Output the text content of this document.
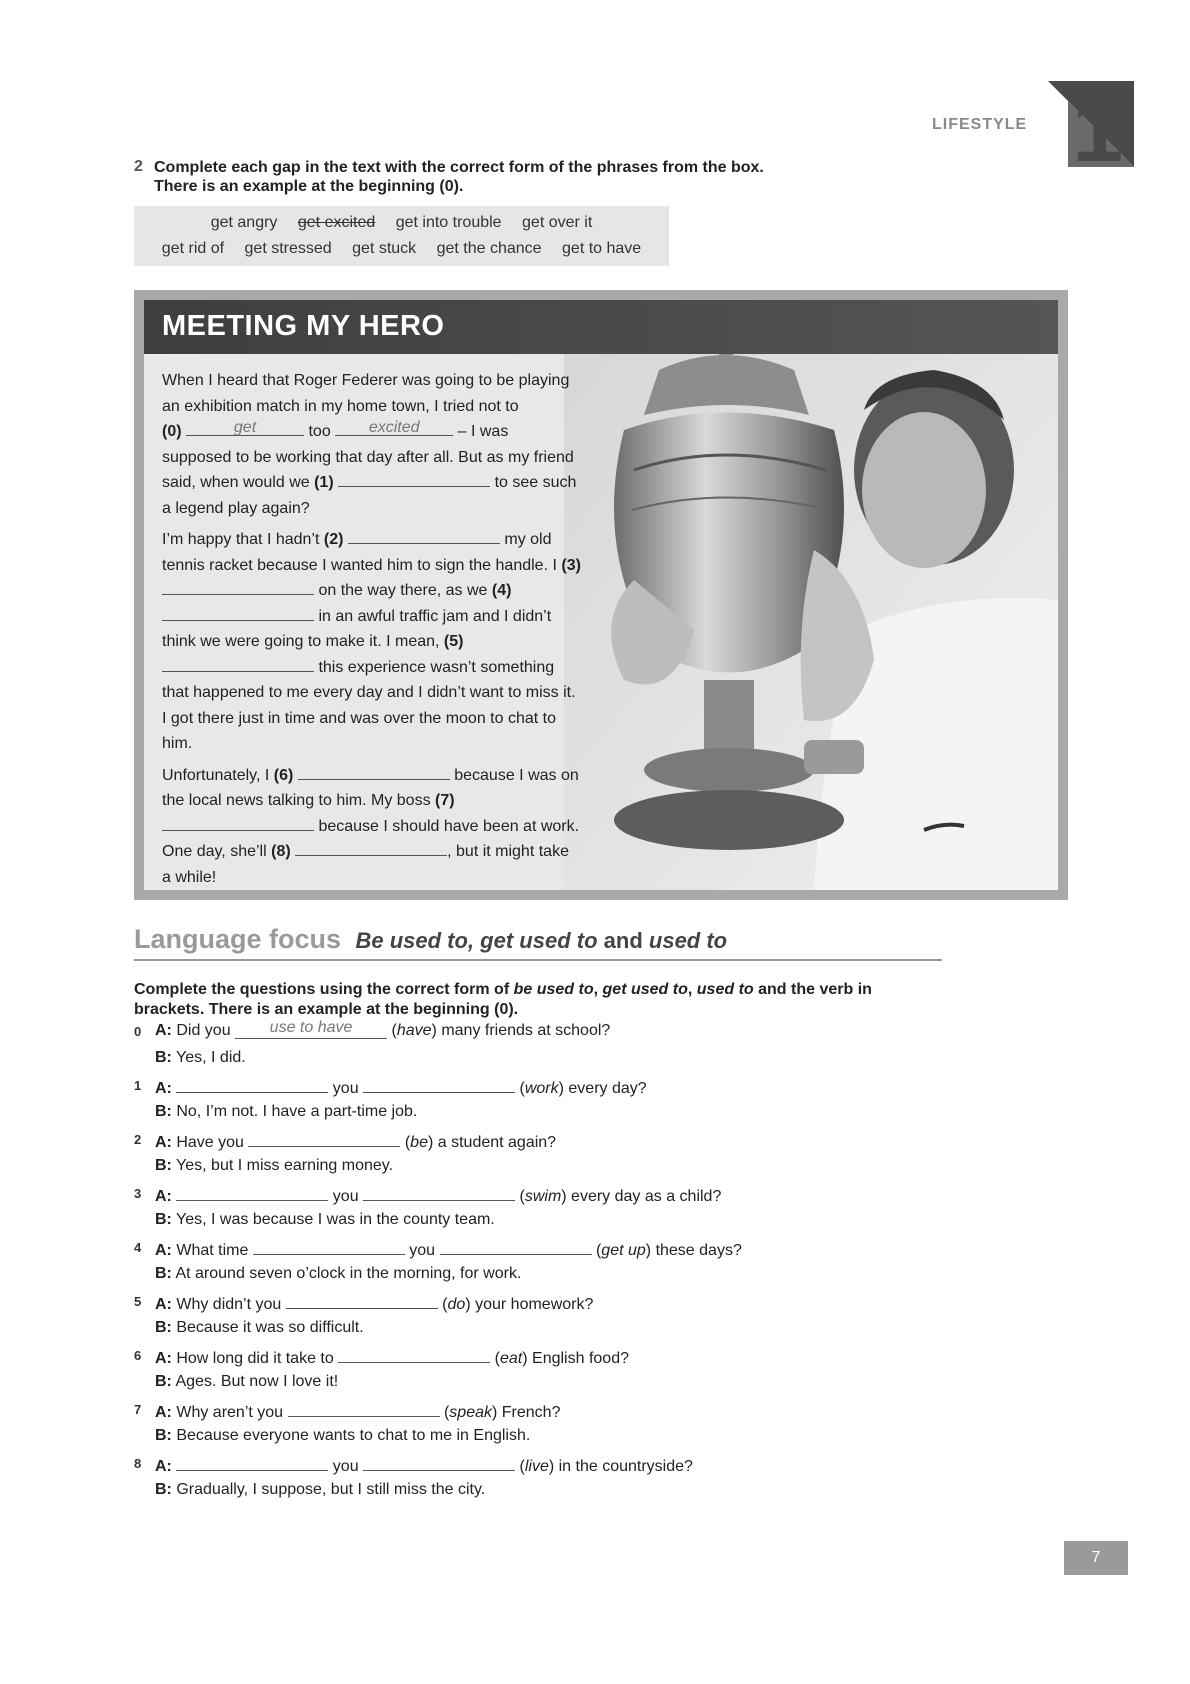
LIFESTYLE 1
2 Complete each gap in the text with the correct form of the phrases from the box.
There is an example at the beginning (0).
get angry get excited get into trouble get over it
get rid of get stressed get stuck get the chance get to have
MEETING MY HERO

When I heard that Roger Federer was going to be playing an exhibition match in my home town, I tried not to
(0)	get	too excited – I was supposed to be working that day after all. But as my friend said, when would we (1)	to see such a legend play again?

I’m happy that I hadn’t (2)	my old tennis racket because I wanted him to sign the handle. I (3)  on the way there, as we (4)  in an awful traffic jam and I didn’t think we were going to make it. I mean, (5)  this experience wasn’t something that happened to me every day and I didn’t want to miss it. I got there just in time and was over the moon to chat to him.

Unfortunately, I (6)	because I was on the local news talking to him. My boss (7)  because I should have been at work. One day, she’ll (8)	, but it might take a while!

Language focus Be used to, get used to and used to
Complete the questions using the correct form of be used to, get used to, used to and the verb in brackets. There is an example at the beginning (0).
0 A: Did you use to have (have) many friends at school?
B: Yes, I did.
1 A:	you	(work) every day?
B: No, I’m not. I have a part-time job.
2 A: Have you	(be) a student again?
B: Yes, but I miss earning money.
3 A:	you	(swim) every day as a child?
B: Yes, I was because I was in the county team.
4 A: What time	you	(get up) these days?
B: At around seven o’clock in the morning, for work.
5 A: Why didn’t you	(do) your homework?
B: Because it was so difficult.
6 A: How long did it take to	(eat) English food?
B: Ages. But now I love it!
7 A: Why aren’t you	(speak) French?
B: Because everyone wants to chat to me in English.
8 A:	you	(live) in the countryside?
B: Gradually, I suppose, but I still miss the city.
7
